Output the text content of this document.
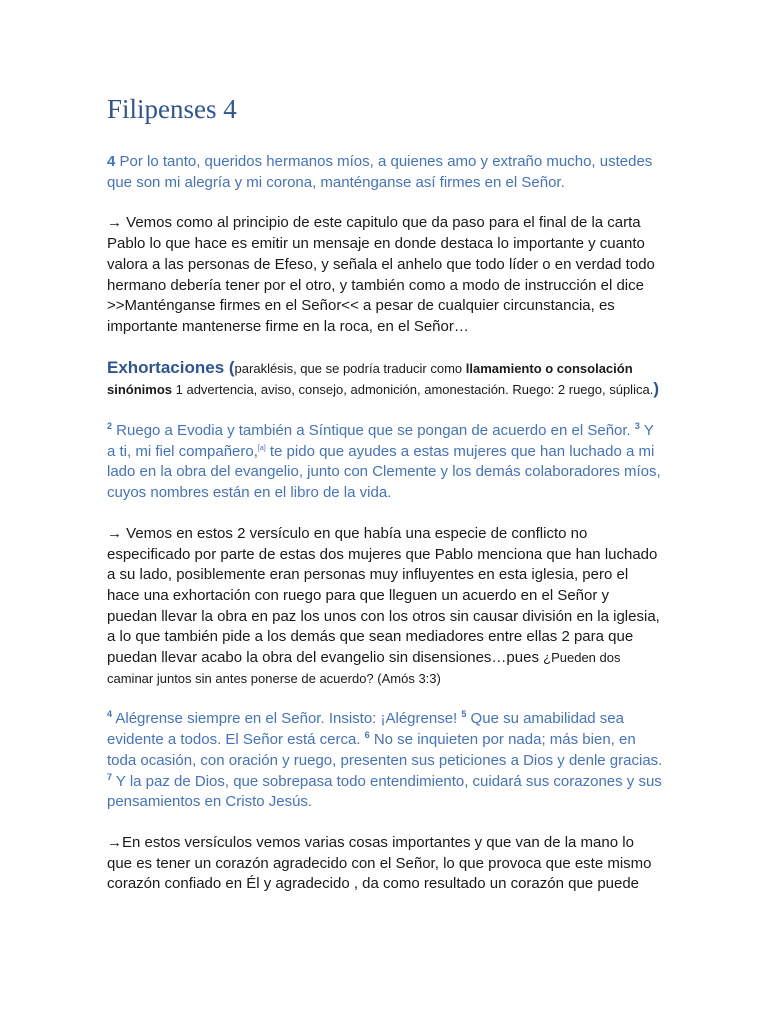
Filipenses 4

4 Por lo tanto, queridos hermanos míos, a quienes amo y extraño mucho, ustedes que son mi alegría y mi corona, manténganse así firmes en el Señor.

→ Vemos como al principio de este capitulo que da paso para el final de la carta Pablo lo que hace es emitir un mensaje en donde destaca lo importante y cuanto valora a las personas de Efeso, y señala el anhelo que todo líder o en verdad todo hermano debería tener por el otro, y también como a modo de instrucción el dice >>Manténganse firmes en el Señor<< a pesar de cualquier circunstancia, es importante mantenerse firme en la roca, en el Señor…

Exhortaciones (paraklésis, que se podría traducir como llamamiento o consolación sinónimos 1 advertencia, aviso, consejo, admonición, amonestación. Ruego: 2 ruego, súplica.)

$^2$ Ruego a Evodia y también a Síntique que se pongan de acuerdo en el Señor. $^3$ Y a ti, mi fiel compañero,[a] te pido que ayudes a estas mujeres que han luchado a mi lado en la obra del evangelio, junto con Clemente y los demás colaboradores míos, cuyos nombres están en el libro de la vida.

→ Vemos en estos 2 versículo en que había una especie de conflicto no especificado por parte de estas dos mujeres que Pablo menciona que han luchado a su lado, posiblemente eran personas muy influyentes en esta iglesia, pero el hace una exhortación con ruego para que lleguen un acuerdo en el Señor y puedan llevar la obra en paz los unos con los otros sin causar división en la iglesia, a lo que también pide a los demás que sean mediadores entre ellas 2 para que puedan llevar acabo la obra del evangelio sin disensiones…pues ¿Pueden dos caminar juntos sin antes ponerse de acuerdo? (Amós 3:3)

$^4$ Alégrense siempre en el Señor. Insisto: ¡Alégrense! $^5$ Que su amabilidad sea evidente a todos. El Señor está cerca. $^6$ No se inquieten por nada; más bien, en toda ocasión, con oración y ruego, presenten sus peticiones a Dios y denle gracias. $^7$ Y la paz de Dios, que sobrepasa todo entendimiento, cuidará sus corazones y sus pensamientos en Cristo Jesús.

→En estos versículos vemos varias cosas importantes y que van de la mano lo que es tener un corazón agradecido con el Señor, lo que provoca que este mismo corazón confiado en Él y agradecido , da como resultado un corazón que puede
